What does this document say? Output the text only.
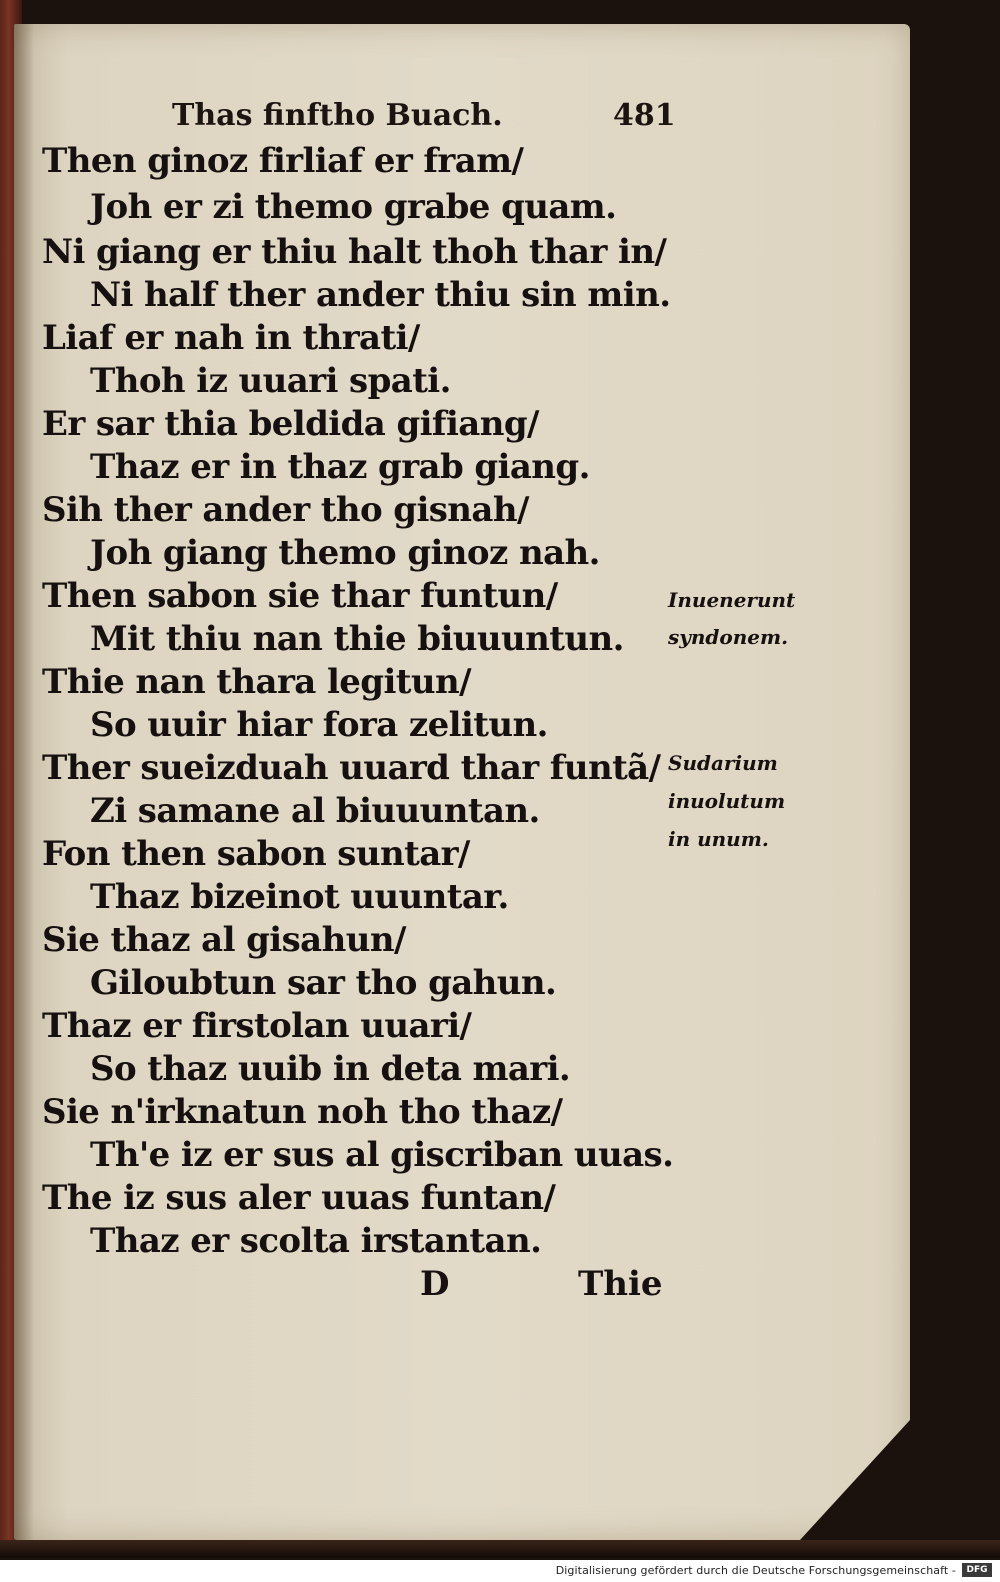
Thas finftho Buach.	481
Then ginoz firliaf er fram/
Joh er zi themo grabe quam.
Ni giang er thiu halt thoh thar in/
Ni half ther ander thiu sin min.
Liaf er nah in thrati/
Thoh iz uuari spati.
Er sar thia beldida gifiang/
Thaz er in thaz grab giang.
Sih ther ander tho gisnah/
Joh giang themo ginoz nah.
Then sabon sie thar funtun/
Mit thiu nan thie biuuuntun.
Thie nan thara legitun/
So uuir hiar fora zelitun.
Ther sueizduah uuard thar funtã/
Zi samane al biuuuntan.
Fon then sabon suntar/
Thaz bizeinot uuuntar.
Sie thaz al gisahun/
Giloubtun sar tho gahun.
Thaz er firstolan uuari/
So thaz uuib in deta mari.
Sie n'irknatun noh tho thaz/
Th'e iz er sus al giscriban uuas.
The iz sus aler uuas funtan/
Thaz er scolta irstantan.
Inuenerunt
syndonem.
Sudarium
inuolutum
in unum.
D	Thie
Digitalisierung gefördert durch die Deutsche Forschungsgemeinschaft -	DFG
